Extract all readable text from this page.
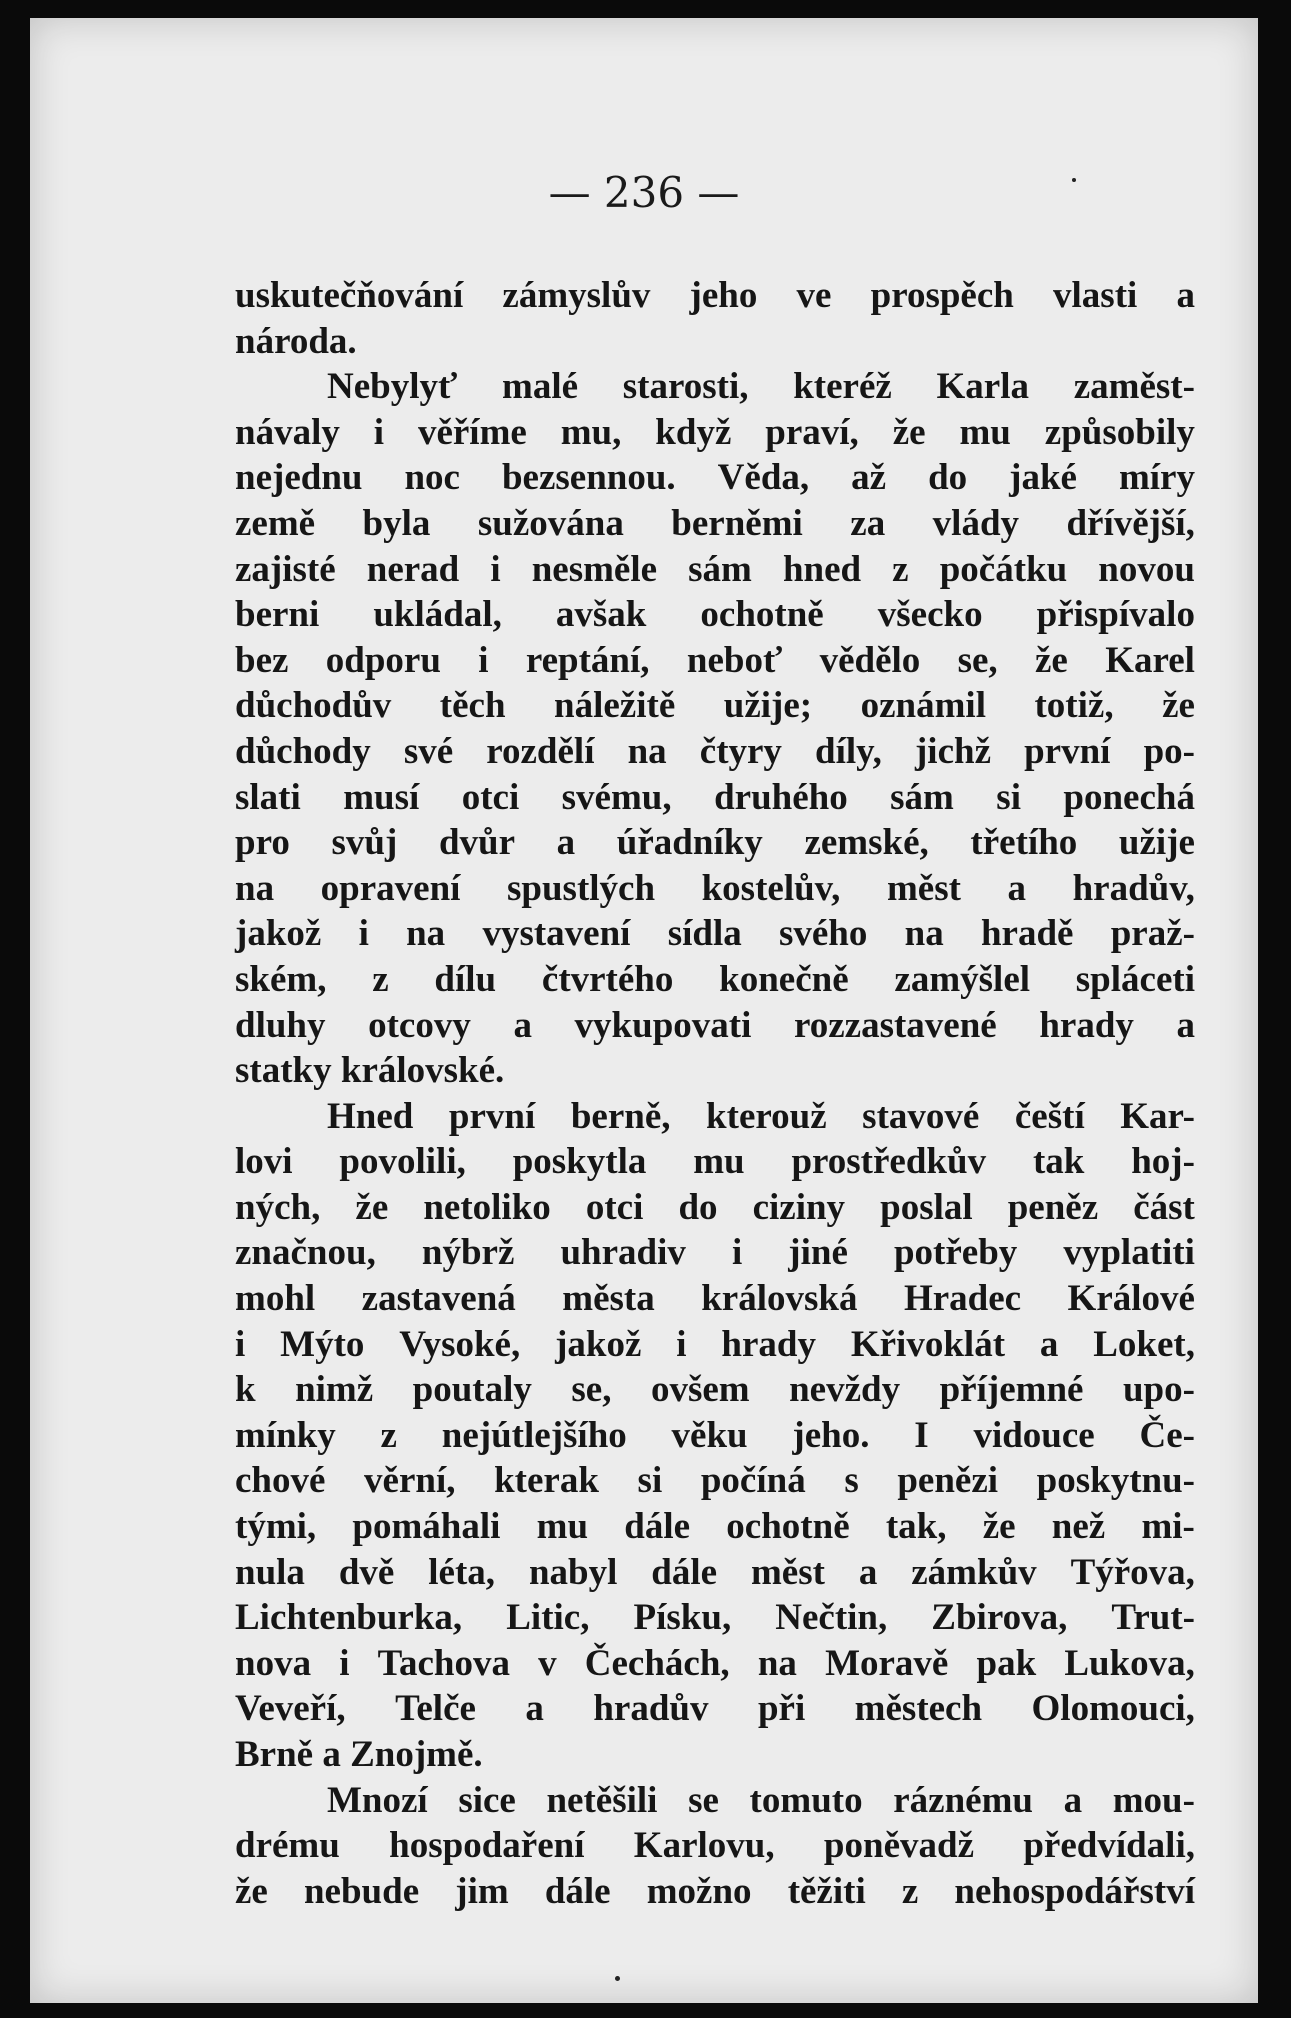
— 236 —
uskutečňování zámyslův jeho ve prospěch vlasti a
národa.
Nebylyť malé starosti, kteréž Karla zaměst-
návaly i věříme mu, když praví, že mu způsobily
nejednu noc bezsennou. Věda, až do jaké míry
země byla sužována berněmi za vlády dřívější,
zajisté nerad i nesměle sám hned z počátku novou
berni ukládal, avšak ochotně všecko přispívalo
bez odporu i reptání, neboť vědělo se, že Karel
důchodův těch náležitě užije; oznámil totiž, že
důchody své rozdělí na čtyry díly, jichž první po-
slati musí otci svému, druhého sám si ponechá
pro svůj dvůr a úřadníky zemské, třetího užije
na opravení spustlých kostelův, měst a hradův,
jakož i na vystavení sídla svého na hradě praž-
ském, z dílu čtvrtého konečně zamýšlel spláceti
dluhy otcovy a vykupovati rozzastavené hrady a
statky královské.
Hned první berně, kterouž stavové čeští Kar-
lovi povolili, poskytla mu prostředkův tak hoj-
ných, že netoliko otci do ciziny poslal peněz část
značnou, nýbrž uhradiv i jiné potřeby vyplatiti
mohl zastavená města královská Hradec Králové
i Mýto Vysoké, jakož i hrady Křivoklát a Loket,
k nimž poutaly se, ovšem nevždy příjemné upo-
mínky z nejútlejšího věku jeho. I vidouce Če-
chové věrní, kterak si počíná s penězi poskytnu-
tými, pomáhali mu dále ochotně tak, že než mi-
nula dvě léta, nabyl dále měst a zámkův Týřova,
Lichtenburka, Litic, Písku, Nečtin, Zbirova, Trut-
nova i Tachova v Čechách, na Moravě pak Lukova,
Veveří, Telče a hradův při městech Olomouci,
Brně a Znojmě.
Mnozí sice netěšili se tomuto ráznému a mou-
drému hospodaření Karlovu, poněvadž předvídali,
že nebude jim dále možno těžiti z nehospodářství
